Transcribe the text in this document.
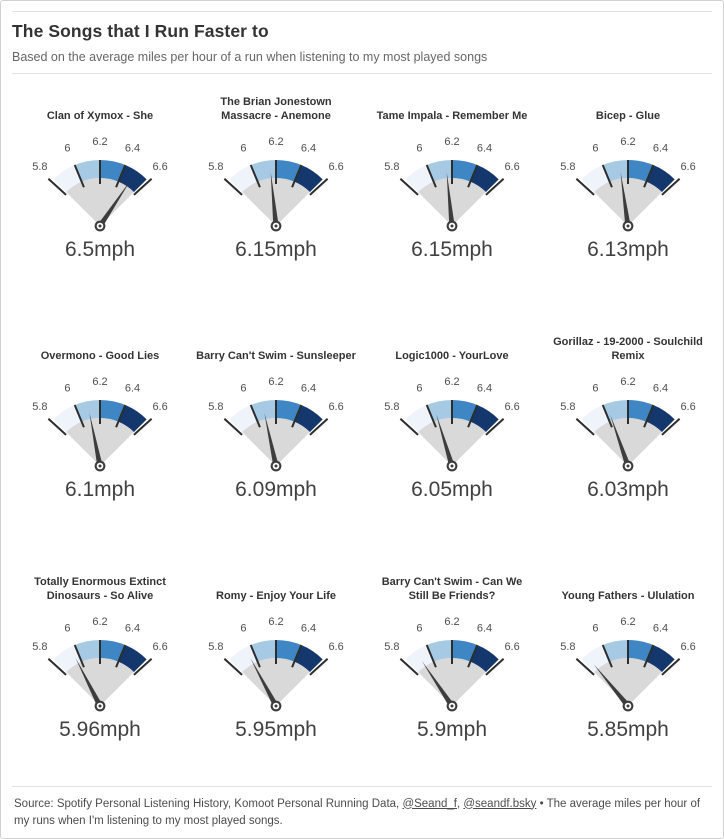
The Songs that I Run Faster to

Based on the average miles per hour of a run when listening to my most played songs

Clan of Xymox - She
5.8
6
6.2
6.4
6.6
6.5mph
The Brian Jonestown Massacre - Anemone
5.8
6
6.2
6.4
6.6
6.15mph
Tame Impala - Remember Me
5.8
6
6.2
6.4
6.6
6.15mph
Bicep - Glue
5.8
6
6.2
6.4
6.6
6.13mph
Overmono - Good Lies
5.8
6
6.2
6.4
6.6
6.1mph
Barry Can't Swim - Sunsleeper
5.8
6
6.2
6.4
6.6
6.09mph
Logic1000 - YourLove
5.8
6
6.2
6.4
6.6
6.05mph
Gorillaz - 19-2000 - Soulchild Remix
5.8
6
6.2
6.4
6.6
6.03mph
Totally Enormous Extinct Dinosaurs - So Alive
5.8
6
6.2
6.4
6.6
5.96mph
Romy - Enjoy Your Life
5.8
6
6.2
6.4
6.6
5.95mph
Barry Can't Swim - Can We Still Be Friends?
5.8
6
6.2
6.4
6.6
5.9mph
Young Fathers - Ululation
5.8
6
6.2
6.4
6.6
5.85mph

Source: Spotify Personal Listening History, Komoot Personal Running Data, @Seand_f, @seandf.bsky • The average miles per hour of my runs when I'm listening to my most played songs.
